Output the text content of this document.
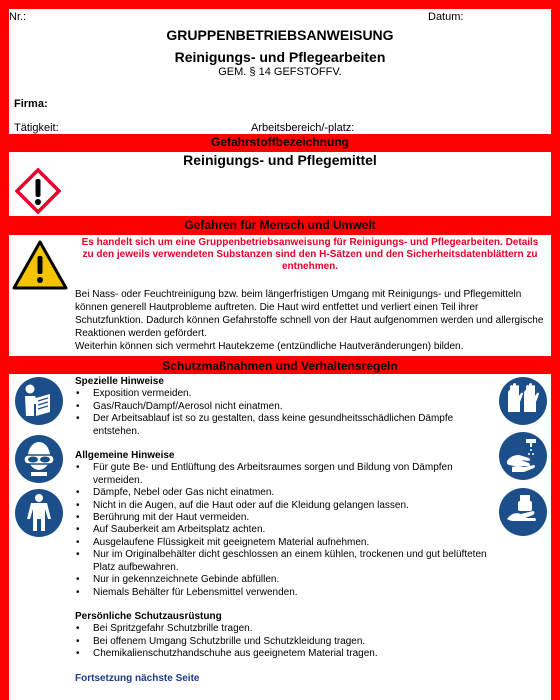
Nr.:	Datum:
GRUPPENBETRIEBSANWEISUNG
Reinigungs- und Pflegearbeiten
GEM. § 14 GEFSTOFFV.
Firma:
Tätigkeit:	Arbeitsbereich/-platz:
Gefahrstoffbezeichnung
Reinigungs- und Pflegemittel
Gefahren für Mensch und Umwelt
Es handelt sich um eine Gruppenbetriebsanweisung für Reinigungs- und Pflegearbeiten. Details zu den jeweils verwendeten Substanzen sind den H-Sätzen und den Sicherheitsdatenblättern zu entnehmen.
Bei Nass- oder Feuchtreinigung bzw. beim längerfristigen Umgang mit Reinigungs- und Pflegemitteln können generell Hautprobleme auftreten. Die Haut wird entfettet und verliert einen Teil ihrer Schutzfunktion. Dadurch können Gefahrstoffe schnell von der Haut aufgenommen werden und allergische Reaktionen werden gefördert.
Weiterhin können sich vermehrt Hautekzeme (entzündliche Hautveränderungen) bilden.
Schutzmaßnahmen und Verhaltensregeln
Spezielle Hinweise
• Exposition vermeiden.
• Gas/Rauch/Dampf/Aerosol nicht einatmen.
• Der Arbeitsablauf ist so zu gestalten, dass keine gesundheitsschädlichen Dämpfe entstehen.
Allgemeine Hinweise
• Für gute Be- und Entlüftung des Arbeitsraumes sorgen und Bildung von Dämpfen vermeiden.
• Dämpfe, Nebel oder Gas nicht einatmen.
• Nicht in die Augen, auf die Haut oder auf die Kleidung gelangen lassen.
• Berührung mit der Haut vermeiden.
• Auf Sauberkeit am Arbeitsplatz achten.
• Ausgelaufene Flüssigkeit mit geeignetem Material aufnehmen.
• Nur im Originalbehälter dicht geschlossen an einem kühlen, trockenen und gut belüfteten Platz aufbewahren.
• Nur in gekennzeichnete Gebinde abfüllen.
• Niemals Behälter für Lebensmittel verwenden.
Persönliche Schutzausrüstung
• Bei Spritzgefahr Schutzbrille tragen.
• Bei offenem Umgang Schutzbrille und Schutzkleidung tragen.
• Chemikalienschutzhandschuhe aus geeignetem Material tragen.
Fortsetzung nächste Seite
